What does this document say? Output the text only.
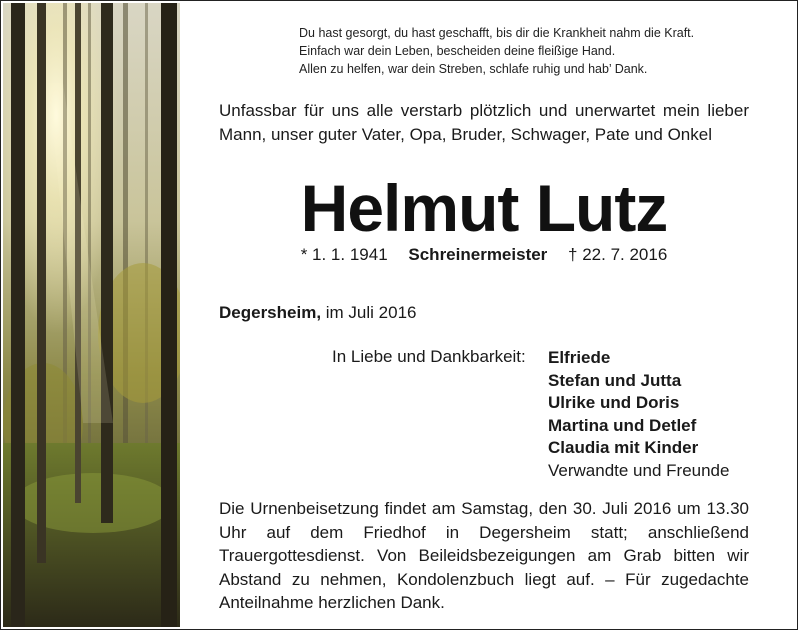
Du hast gesorgt, du hast geschafft, bis dir die Krankheit nahm die Kraft.
Einfach war dein Leben, bescheiden deine fleißige Hand.
Allen zu helfen, war dein Streben, schlafe ruhig und hab’ Dank.
Unfassbar für uns alle verstarb plötzlich und unerwartet mein lieber Mann, unser guter Vater, Opa, Bruder, Schwager, Pate und Onkel
Helmut Lutz
* 1. 1. 1941 Schreinermeister † 22. 7. 2016
Degersheim, im Juli 2016
In Liebe und Dankbarkeit: Elfriede
Stefan und Jutta
Ulrike und Doris
Martina und Detlef
Claudia mit Kinder
Verwandte und Freunde
Die Urnenbeisetzung findet am Samstag, den 30. Juli 2016 um 13.30 Uhr auf dem Friedhof in Degersheim statt; anschließend Trauergottesdienst. Von Beileidsbezeigungen am Grab bitten wir Abstand zu nehmen, Kondolenzbuch liegt auf. – Für zugedachte Anteilnahme herzlichen Dank.
